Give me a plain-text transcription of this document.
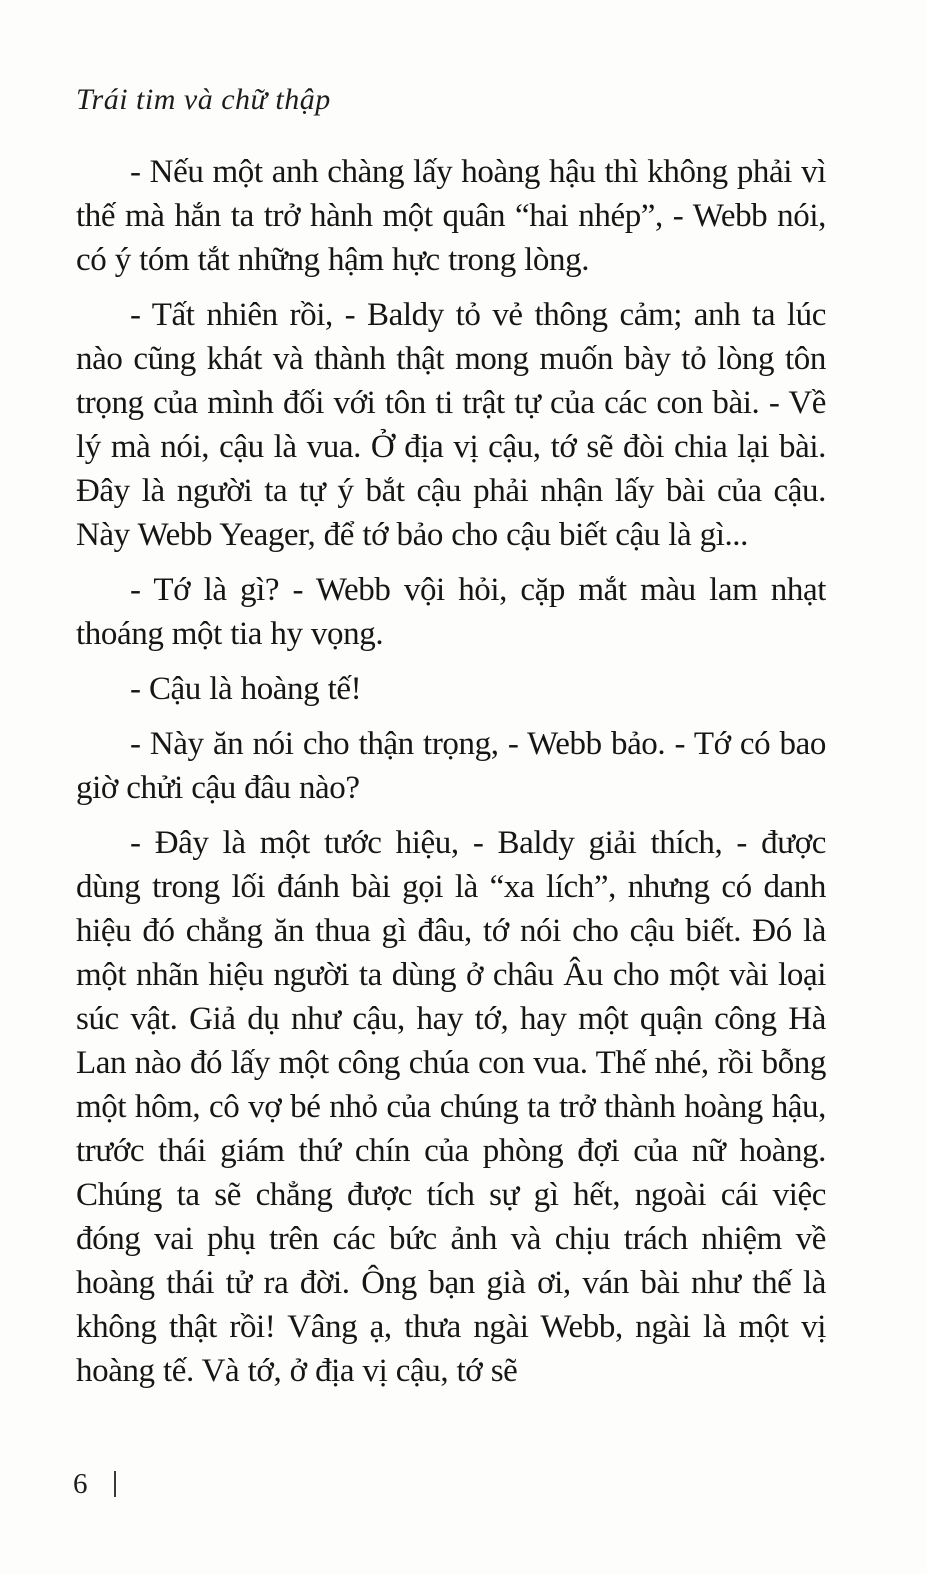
Trái tim và chữ thập

- Nếu một anh chàng lấy hoàng hậu thì không phải vì thế mà hắn ta trở hành một quân “hai nhép”, - Webb nói, có ý tóm tắt những hậm hực trong lòng.

- Tất nhiên rồi, - Baldy tỏ vẻ thông cảm; anh ta lúc nào cũng khát và thành thật mong muốn bày tỏ lòng tôn trọng của mình đối với tôn ti trật tự của các con bài. - Về lý mà nói, cậu là vua. Ở địa vị cậu, tớ sẽ đòi chia lại bài. Đây là người ta tự ý bắt cậu phải nhận lấy bài của cậu. Này Webb Yeager, để tớ bảo cho cậu biết cậu là gì...

- Tớ là gì? - Webb vội hỏi, cặp mắt màu lam nhạt thoáng một tia hy vọng.

- Cậu là hoàng tế!

- Này ăn nói cho thận trọng, - Webb bảo. - Tớ có bao giờ chửi cậu đâu nào?

- Đây là một tước hiệu, - Baldy giải thích, - được dùng trong lối đánh bài gọi là “xa lích”, nhưng có danh hiệu đó chẳng ăn thua gì đâu, tớ nói cho cậu biết. Đó là một nhãn hiệu người ta dùng ở châu Âu cho một vài loại súc vật. Giả dụ như cậu, hay tớ, hay một quận công Hà Lan nào đó lấy một công chúa con vua. Thế nhé, rồi bỗng một hôm, cô vợ bé nhỏ của chúng ta trở thành hoàng hậu, trước thái giám thứ chín của phòng đợi của nữ hoàng. Chúng ta sẽ chẳng được tích sự gì hết, ngoài cái việc đóng vai phụ trên các bức ảnh và chịu trách nhiệm về hoàng thái tử ra đời. Ông bạn già ơi, ván bài như thế là không thật rồi! Vâng ạ, thưa ngài Webb, ngài là một vị hoàng tế. Và tớ, ở địa vị cậu, tớ sẽ

6
